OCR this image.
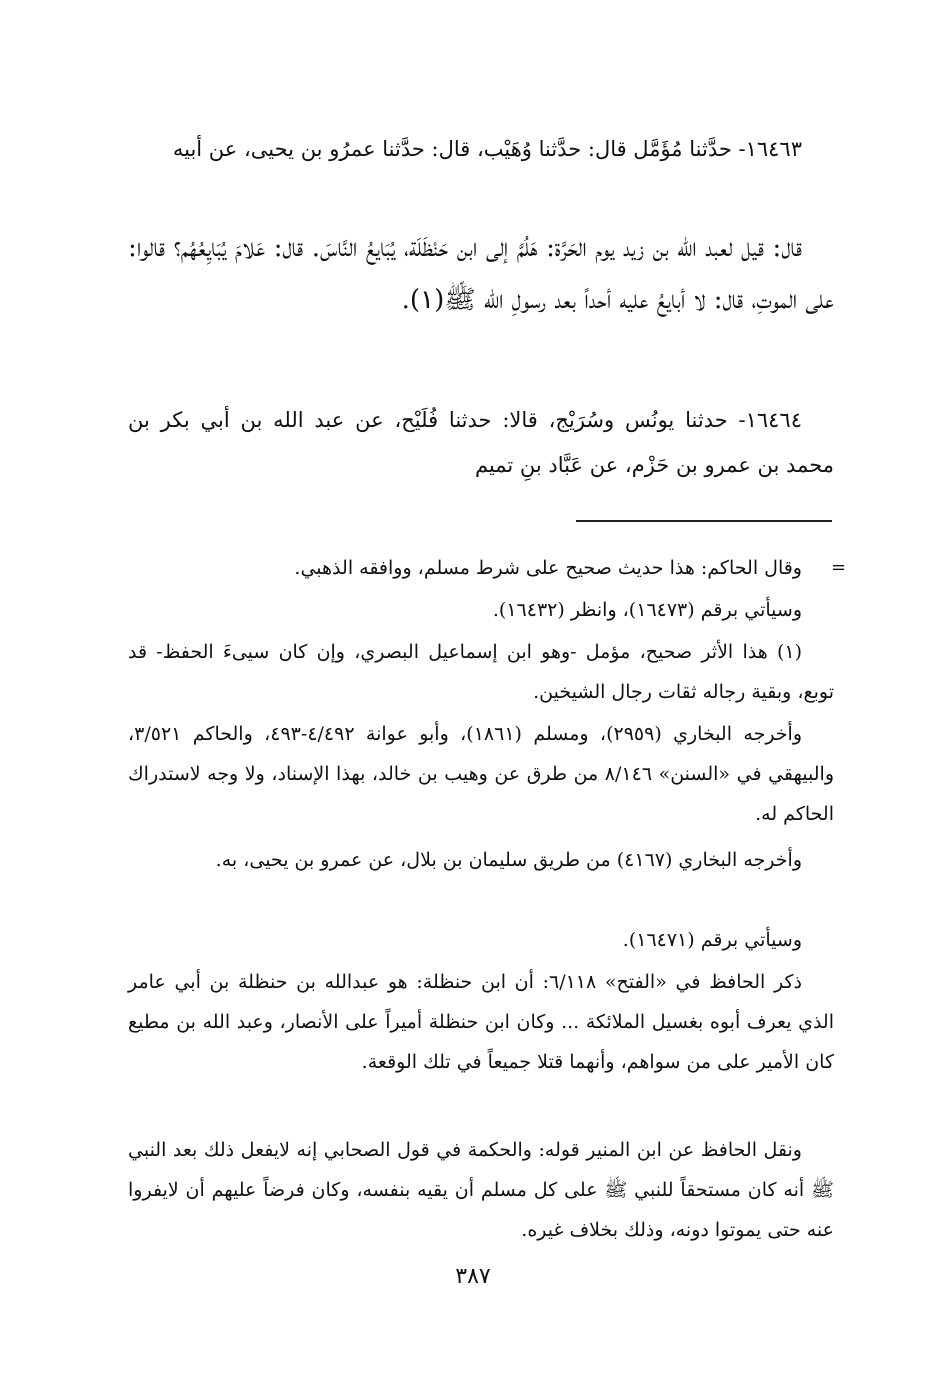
١٦٤٦٣- حدَّثنا مُؤَمَّل قال: حدَّثنا وُهَيْب، قال: حدَّثنا عمرُو بن يحيى، عن أبيه
قال: قيل لعبد الله بن زيد يوم الحَرَّة: هَلُمَّ إلى ابن حَنْظَلَة، يُبَايعُ النَّاسَ. قال: عَلامَ يُبَايِعُهُم؟ قالوا: على الموتِ، قال: لا أبايعُ عليه أحداً بعد رسولِ الله ﷺ(١).
١٦٤٦٤- حدثنا يونُس وسُرَيْج، قالا: حدثنا فُلَيْح، عن عبد الله بن أبي بكر بن محمد بن عمرو بن حَزْم، عن عَبَّاد بنِ تميم
=
وقال الحاكم: هذا حديث صحيح على شرط مسلم، ووافقه الذهبي.
وسيأتي برقم (١٦٤٧٣)، وانظر (١٦٤٣٢).
(١) هذا الأثر صحيح، مؤمل -وهو ابن إسماعيل البصري، وإن كان سيىءَ الحفظ- قد توبع، وبقية رجاله ثقات رجال الشيخين.
وأخرجه البخاري (٢٩٥٩)، ومسلم (١٨٦١)، وأبو عوانة ٤/٤٩٢-٤٩٣، والحاكم ٣/٥٢١، والبيهقي في «السنن» ٨/١٤٦ من طرق عن وهيب بن خالد، بهذا الإسناد، ولا وجه لاستدراك الحاكم له.
وأخرجه البخاري (٤١٦٧) من طريق سليمان بن بلال، عن عمرو بن يحيى، به.
وسيأتي برقم (١٦٤٧١).
ذكر الحافظ في «الفتح» ٦/١١٨: أن ابن حنظلة: هو عبدالله بن حنظلة بن أبي عامر الذي يعرف أبوه بغسيل الملائكة ... وكان ابن حنظلة أميراً على الأنصار، وعبد الله بن مطيع كان الأمير على من سواهم، وأنهما قتلا جميعاً في تلك الوقعة.
ونقل الحافظ عن ابن المنير قوله: والحكمة في قول الصحابي إنه لايفعل ذلك بعد النبي ﷺ أنه كان مستحقاً للنبي ﷺ على كل مسلم أن يقيه بنفسه، وكان فرضاً عليهم أن لايفروا عنه حتى يموتوا دونه، وذلك بخلاف غيره.
٣٨٧
